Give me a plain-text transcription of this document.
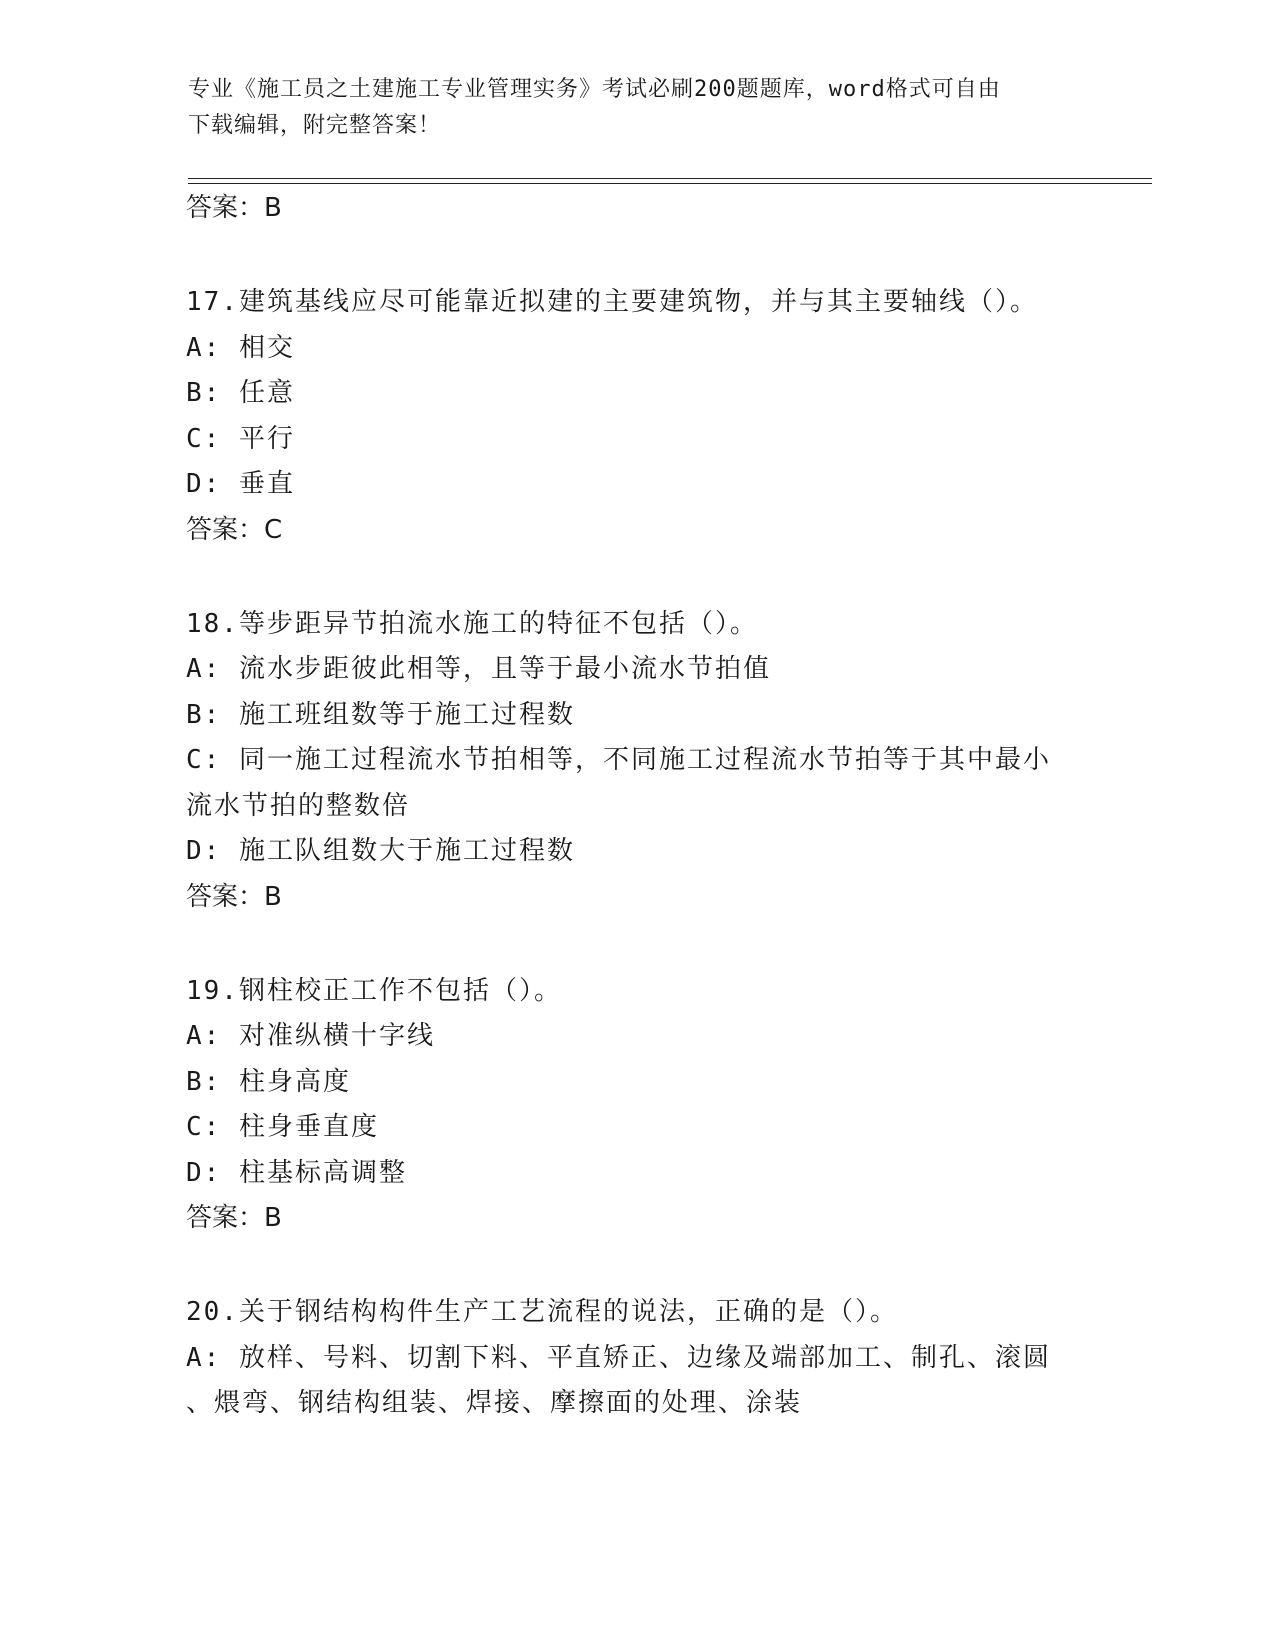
专业《施工员之土建施工专业管理实务》考试必刷200题题库，word格式可自由
下载编辑，附完整答案！

答案：B

17.建筑基线应尽可能靠近拟建的主要建筑物，并与其主要轴线（）。

A: 相交

B: 任意

C: 平行

D: 垂直

答案：C

18.等步距异节拍流水施工的特征不包括（）。

A: 流水步距彼此相等，且等于最小流水节拍值

B: 施工班组数等于施工过程数

C: 同一施工过程流水节拍相等，不同施工过程流水节拍等于其中最小

流水节拍的整数倍

D: 施工队组数大于施工过程数

答案：B

19.钢柱校正工作不包括（）。

A: 对准纵横十字线

B: 柱身高度

C: 柱身垂直度

D: 柱基标高调整

答案：B

20.关于钢结构构件生产工艺流程的说法，正确的是（）。

A: 放样、号料、切割下料、平直矫正、边缘及端部加工、制孔、滚圆

、煨弯、钢结构组装、焊接、摩擦面的处理、涂装
